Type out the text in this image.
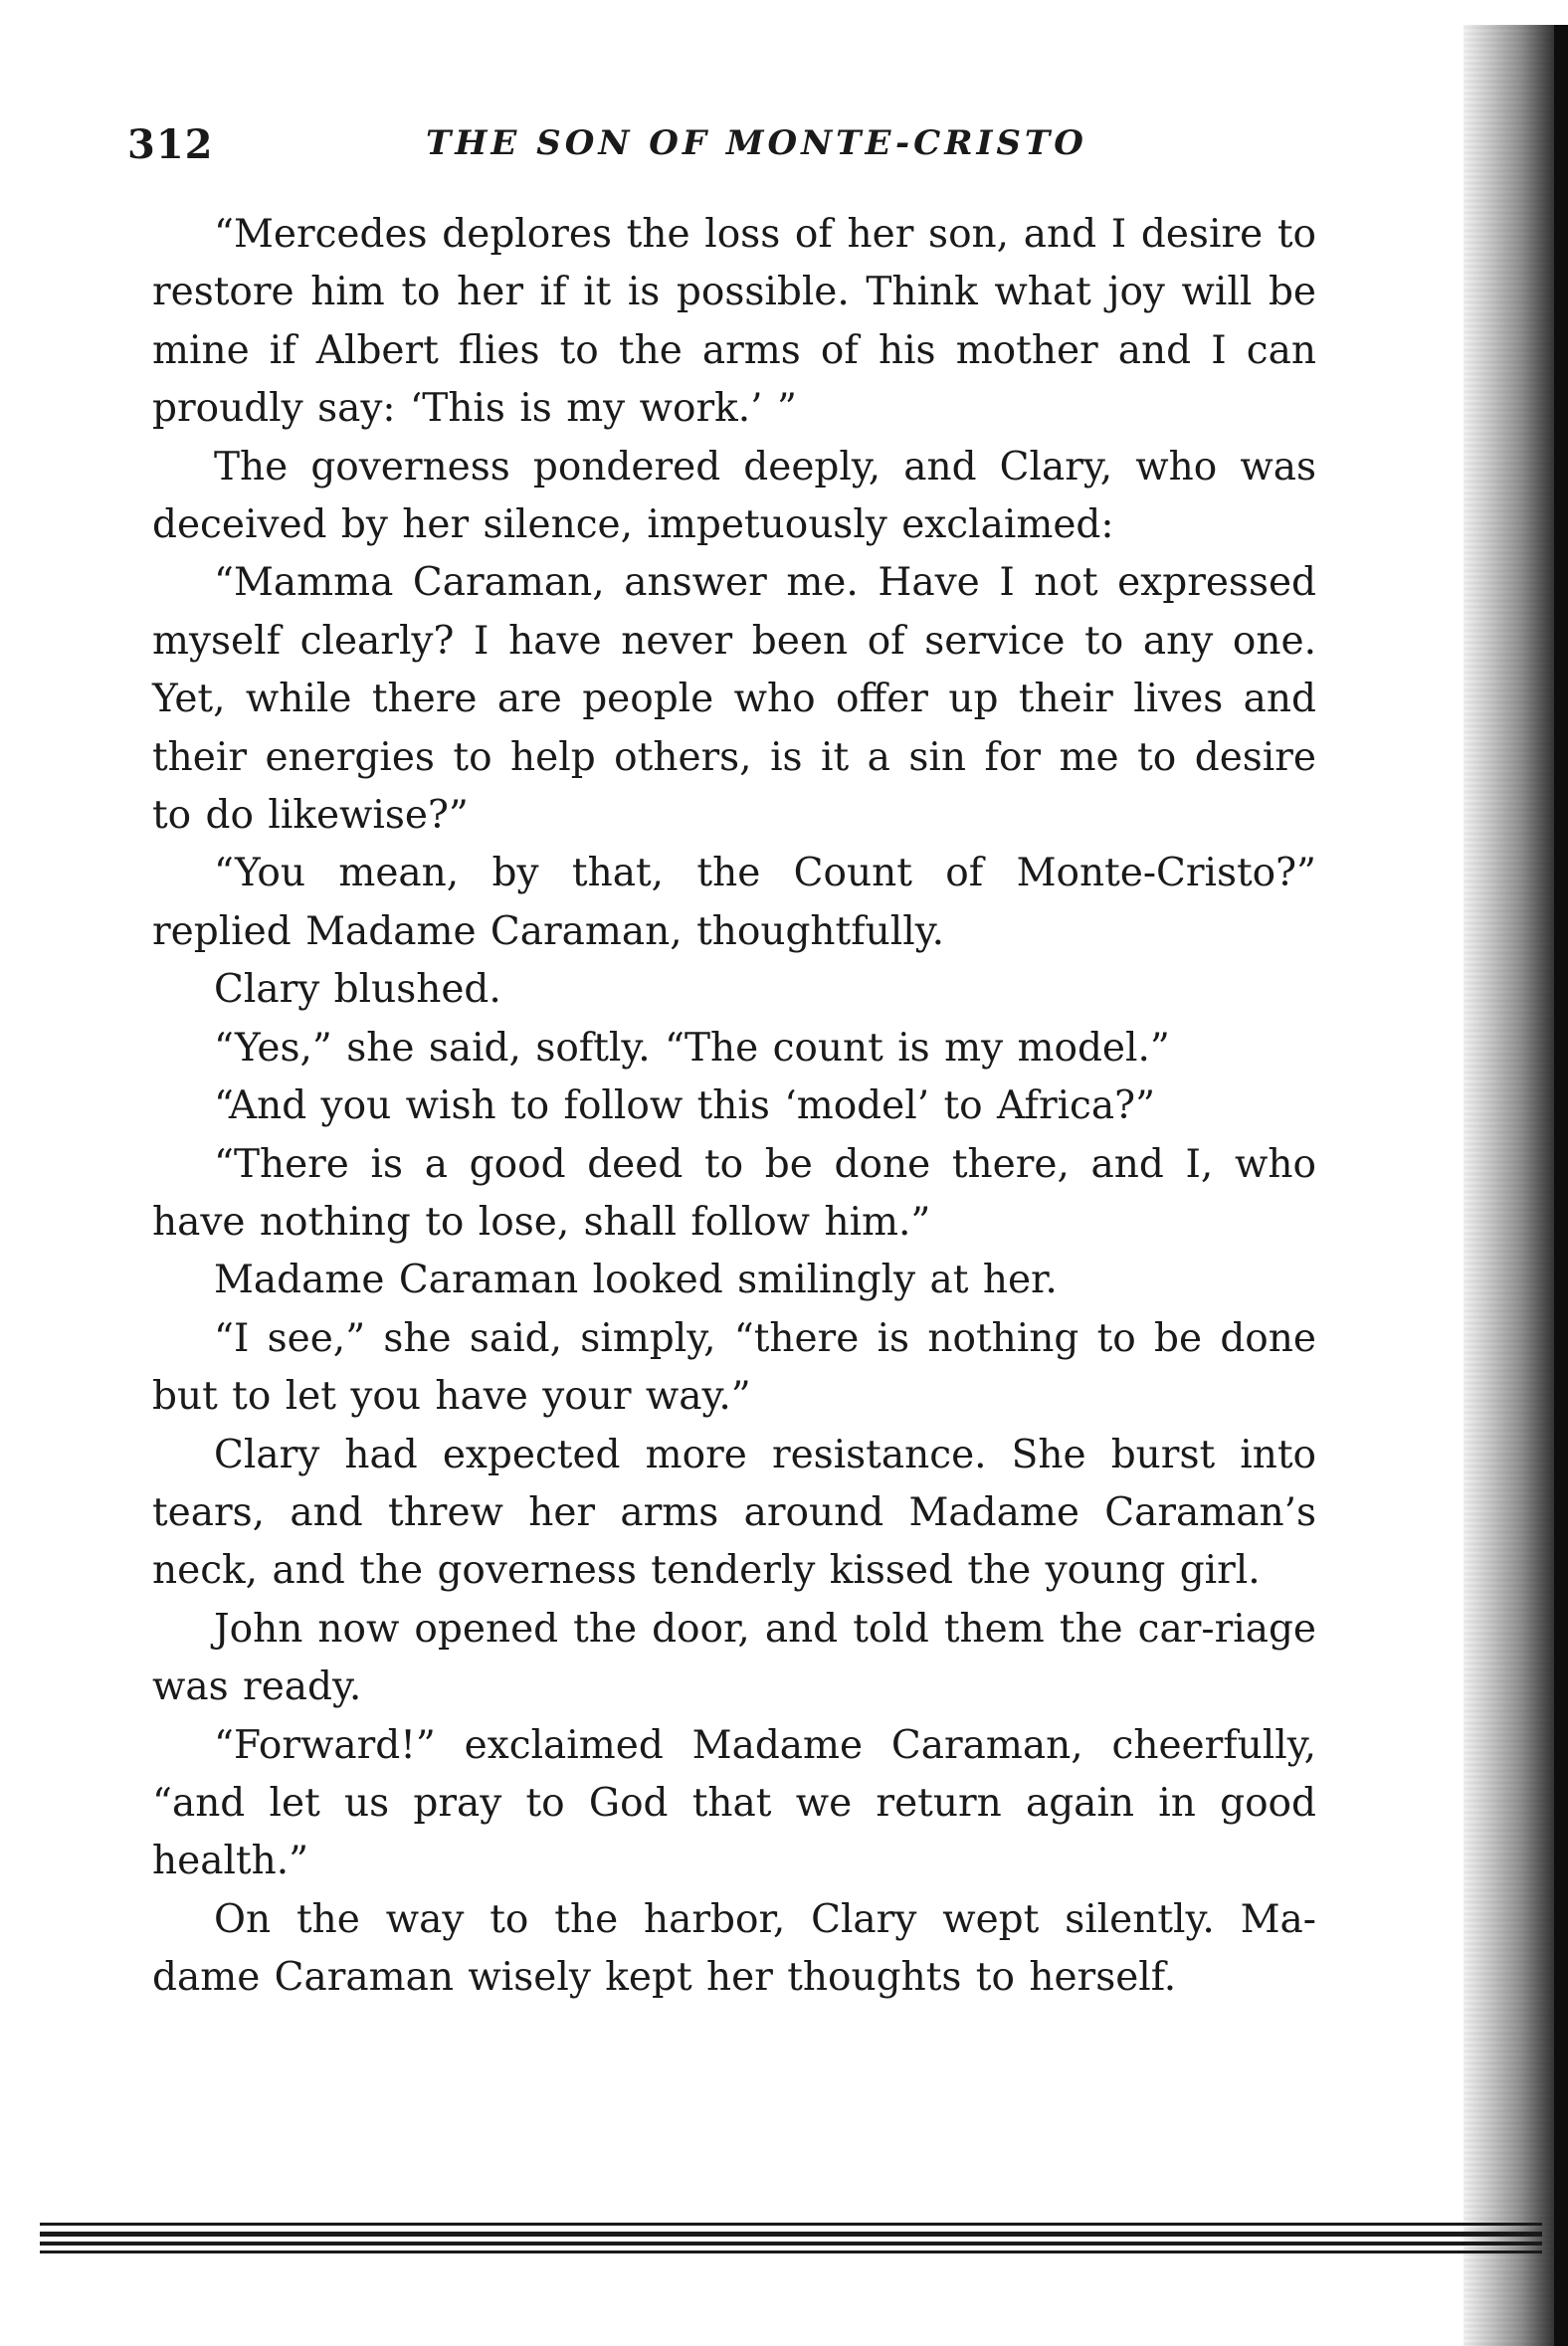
312	THE SON OF MONTE-CRISTO

“Mercedes deplores the loss of her son, and I desire to restore him to her if it is possible. Think what joy will be mine if Albert flies to the arms of his mother and I can proudly say: ‘This is my work.’ ”

The governess pondered deeply, and Clary, who was deceived by her silence, impetuously exclaimed:

“Mamma Caraman, answer me. Have I not expressed myself clearly? I have never been of service to any one. Yet, while there are people who offer up their lives and their energies to help others, is it a sin for me to desire to do likewise?”

“You mean, by that, the Count of Monte-Cristo?” replied Madame Caraman, thoughtfully.

Clary blushed.

“Yes,” she said, softly. “The count is my model.”

“And you wish to follow this ‘model’ to Africa?”

“There is a good deed to be done there, and I, who have nothing to lose, shall follow him.”

Madame Caraman looked smilingly at her.

“I see,” she said, simply, “there is nothing to be done but to let you have your way.”

Clary had expected more resistance. She burst into tears, and threw her arms around Madame Caraman’s neck, and the governess tenderly kissed the young girl.

John now opened the door, and told them the car-riage was ready.

“Forward!” exclaimed Madame Caraman, cheerfully, “and let us pray to God that we return again in good health.”

On the way to the harbor, Clary wept silently. Ma-dame Caraman wisely kept her thoughts to herself.
